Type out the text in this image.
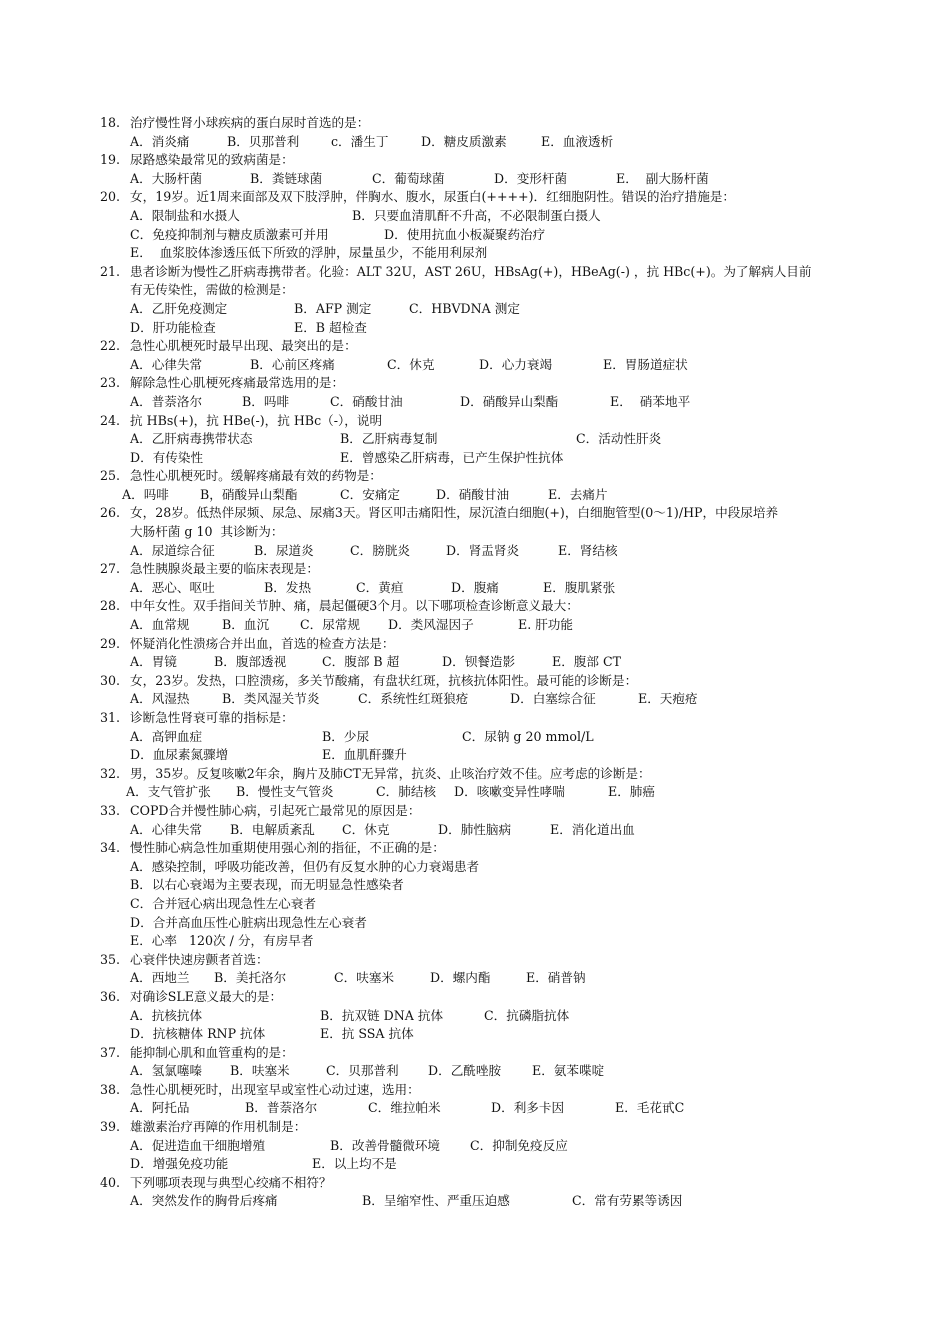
18. 治疗慢性肾小球疾病的蛋白尿时首选的是：
A．消炎痛	B．贝那普利	c．潘生丁	D．糖皮质激素	E．血液透析
19. 尿路感染最常见的致病菌是：
A．大肠杆菌	B．粪链球菌	C．葡萄球菌	D．变形杆菌	E．  副大肠杆菌
20. 女，19岁。近1周来面部及双下肢浮肿，伴胸水、腹水，尿蛋白(++++)．红细胞阴性。错误的治疗措施是：
A．限制盐和水摄人	B．只要血清肌酐不升高，不必限制蛋白摄人
C．免疫抑制剂与糖皮质激素可并用	D．使用抗血小板凝聚药治疗
E．  血浆胶体渗透压低下所致的浮肿，尿量虽少，不能用利尿剂
21. 患者诊断为慢性乙肝病毒携带者。化验：ALT 32U，AST 26U，HBsAg(+)，HBeAg(-) ，抗 HBc(+)。为了解病人目前
有无传染性，需做的检测是：
A．乙肝免疫测定	B．AFP 测定	C．HBVDNA 测定
D．肝功能检查	E．B 超检查
22. 急性心肌梗死时最早出现、最突出的是：
A．心律失常	B．心前区疼痛	C．休克	D．心力衰竭	E．胃肠道症状
23. 解除急性心肌梗死疼痛最常选用的是：
A．普萘洛尔	B．吗啡	C．硝酸甘油	D．硝酸异山梨酯	E．  硝苯地平
24. 抗 HBs(+)，抗 HBe(-)，抗 HBc（-），说明
A．乙肝病毒携带状态	B．乙肝病毒复制	C．活动性肝炎
D．有传染性	E．曾感染乙肝病毒，已产生保护性抗体
25. 急性心肌梗死时。缓解疼痛最有效的药物是：
A．吗啡 B，硝酸异山梨酯	C．安痛定	D．硝酸甘油	E．去痛片
26. 女，28岁。低热伴尿频、尿急、尿痛3天。肾区叩击痛阳性，尿沉渣白细胞(+)，白细胞管型(0～1)/HP，中段尿培养
大肠杆菌 g 10  其诊断为：
A．尿道综合征	B．尿道炎	C．膀胱炎	D．肾盂肾炎	E．肾结核
27. 急性胰腺炎最主要的临床表现是：
A．恶心、呕吐	B．发热	C．黄疸	D．腹痛	E．腹肌紧张
28. 中年女性。双手指间关节肿、痛，晨起僵硬3个月。以下哪项检查诊断意义最大：
A．血常规	B．血沉 C．尿常规 D．类风湿因子	E. 肝功能
29. 怀疑消化性溃疡合并出血，首选的检查方法是：
A．胃镜	B．腹部透视	C．腹部 B 超	D．钡餐造影	E．腹部 CT
30. 女，23岁。发热，口腔溃疡，多关节酸痛，有盘状红斑，抗核抗体阳性。最可能的诊断是：
A．风湿热	B．类风湿关节炎	C．系统性红斑狼疮	D．白塞综合征	E．天疱疮
31. 诊断急性肾衰可靠的指标是：
A．高钾血症	B．少尿	C．尿钠 g 20 mmol/L
D．血尿素氮骤增	E．血肌酐骤升
32. 男，35岁。反复咳嗽2年余，胸片及肺CT无异常，抗炎、止咳治疗效不佳。应考虑的诊断是：
A．支气管扩张 B．慢性支气管炎	C．肺结核 D．咳嗽变异性哮喘	E．肺癌
33. COPD合并慢性肺心病，引起死亡最常见的原因是：
A．心律失常 B．电解质紊乱 C．休克	D．肺性脑病	E．消化道出血
34. 慢性肺心病急性加重期使用强心剂的指征，不正确的是：
A．感染控制，呼吸功能改善，但仍有反复水肿的心力衰竭患者
B．以右心衰竭为主要表现，而无明显急性感染者
C．合并冠心病出现急性左心衰者
D．合并高血压性心脏病出现急性左心衰者
E．心率   120次 / 分，有房早者
35. 心衰伴快速房颤者首选：
A．西地兰 B．美托洛尔	C．呋塞米	D．螺内酯	E．硝普钠
36. 对确诊SLE意义最大的是：
A．抗核抗体	B．抗双链 DNA 抗体	C．抗磷脂抗体
D．抗核糖体 RNP 抗体	E．抗 SSA 抗体
37. 能抑制心肌和血管重构的是：
A．氢氯噻嗪 B．呋塞米	C．贝那普利 D．乙酰唑胺 E．氨苯喋啶
38. 急性心肌梗死时，出现室早或室性心动过速，选用：
A．阿托品	B．普萘洛尔	C．维拉帕米	D．利多卡因	E．毛花甙C
39. 雄激素治疗再障的作用机制是：
A．促进造血干细胞增殖	B．改善骨髓微环境 C．抑制免疫反应
D．增强免疫功能	E．以上均不是
40. 下列哪项表现与典型心绞痛不相符？
A．突然发作的胸骨后疼痛	B．呈缩窄性、严重压迫感	C．常有劳累等诱因
